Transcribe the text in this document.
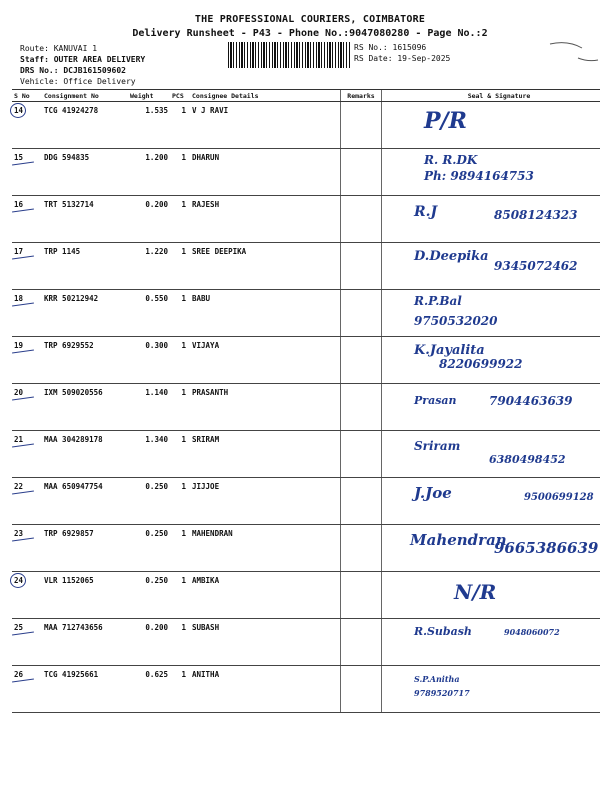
THE PROFESSIONAL COURIERS, COIMBATORE
Delivery Runsheet - P43 - Phone No.:9047080280 - Page No.:2
Route: KANUVAI 1
Staff: OUTER AREA DELIVERY
DRS No.: DCJB161509602
Vehicle: Office Delivery
RS No.: 1615096
RS Date: 19-Sep-2025
S No	Consignment No	Weight	PCS	Consignee Details	Remarks	Seal & Signature
14	TCG 41924278	1.535	1	V J RAVI		P/R

15	DDG 594835	1.200	1	DHARUN		R. R.DK
Ph: 9894164753

16	TRT 5132714	0.200	1	RAJESH		R.J 8508124323

17	TRP 1145	1.220	1	SREE DEEPIKA		D.Deepika
9345072462

18	KRR 50212942	0.550	1	BABU		R.P.Bal
9750532020

19	TRP 6929552	0.300	1	VIJAYA		K.Jayalita
8220699922

20	IXM 509020556	1.140	1	PRASANTH		Prasan 7904463639

21	MAA 304289178	1.340	1	SRIRAM		Sriram
6380498452

22	MAA 650947754	0.250	1	JIJJOE		J.Joe 9500699128

23	TRP 6929857	0.250	1	MAHENDRAN		Mahendran
9665386639

24	VLR 1152065	0.250	1	AMBIKA		N/R

25	MAA 712743656	0.200	1	SUBASH		R.Subash 9048060072

26	TCG 41925661	0.625	1	ANITHA		S.P.Anitha
9789520717
